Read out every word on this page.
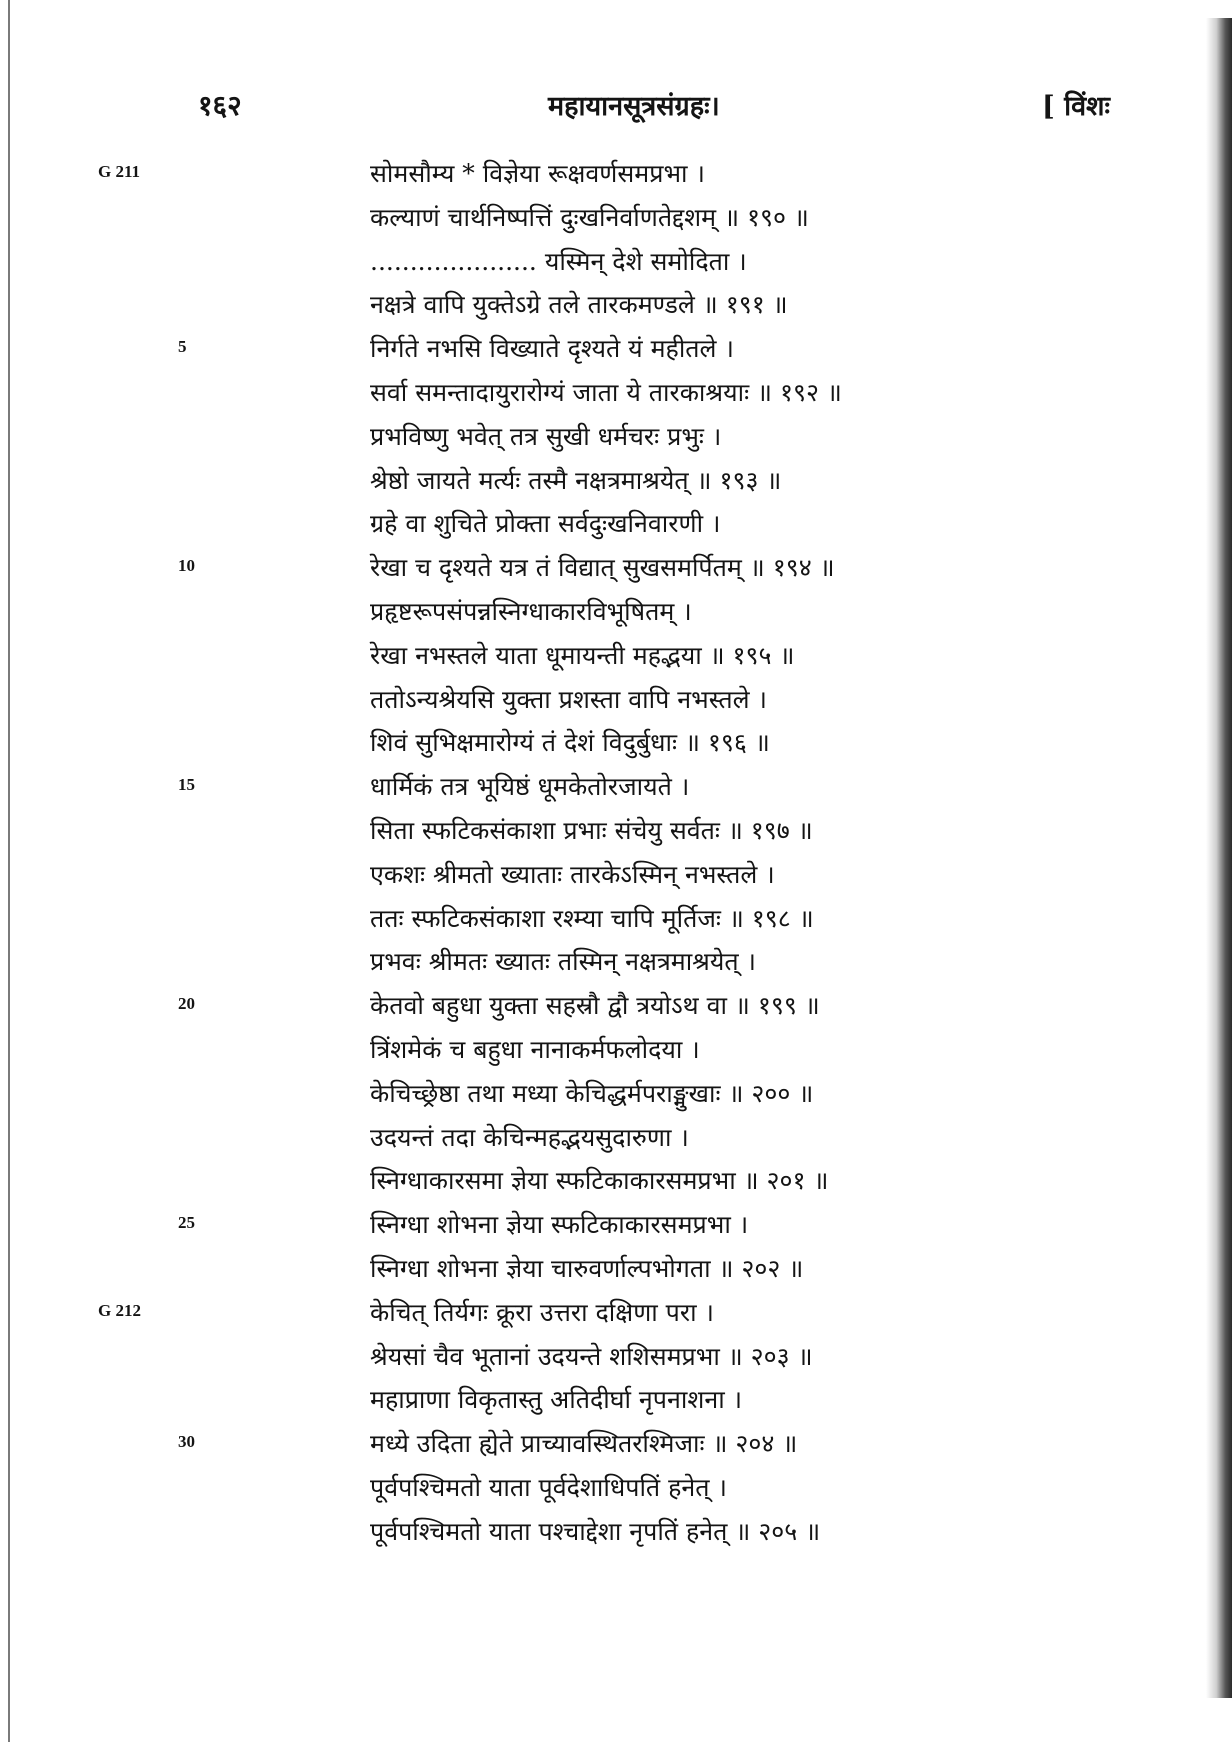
१६२	महायानसूत्रसंग्रहः।	[ विंशः
G 211	सोमसौम्य * विज्ञेया रूक्षवर्णसमप्रभा ।
कल्याणं चार्थनिष्पत्तिं दुःखनिर्वाणतेद्दशम् ॥ १९० ॥
..................... यस्मिन् देशे समोदिता ।
नक्षत्रे वापि युक्तेऽग्रे तले तारकमण्डले ॥ १९१ ॥
5	निर्गते नभसि विख्याते दृश्यते यं महीतले ।
सर्वा समन्तादायुरारोग्यं जाता ये तारकाश्रयाः ॥ १९२ ॥
प्रभविष्णु भवेत् तत्र सुखी धर्मचरः प्रभुः ।
श्रेष्ठो जायते मर्त्यः तस्मै नक्षत्रमाश्रयेत् ॥ १९३ ॥
ग्रहे वा शुचिते प्रोक्ता सर्वदुःखनिवारणी ।
10	रेखा च दृश्यते यत्र तं विद्यात् सुखसमर्पितम् ॥ १९४ ॥
प्रहृष्टरूपसंपन्नस्निग्धाकारविभूषितम् ।
रेखा नभस्तले याता धूमायन्ती महद्भया ॥ १९५ ॥
ततोऽन्यश्रेयसि युक्ता प्रशस्ता वापि नभस्तले ।
शिवं सुभिक्षमारोग्यं तं देशं विदुर्बुधाः ॥ १९६ ॥
15	धार्मिकं तत्र भूयिष्ठं धूमकेतोरजायते ।
सिता स्फटिकसंकाशा प्रभाः संचेयु सर्वतः ॥ १९७ ॥
एकशः श्रीमतो ख्याताः तारकेऽस्मिन् नभस्तले ।
ततः स्फटिकसंकाशा रश्म्या चापि मूर्तिजः ॥ १९८ ॥
प्रभवः श्रीमतः ख्यातः तस्मिन् नक्षत्रमाश्रयेत् ।
20	केतवो बहुधा युक्ता सहस्रौ द्वौ त्रयोऽथ वा ॥ १९९ ॥
त्रिंशमेकं च बहुधा नानाकर्मफलोदया ।
केचिच्छ्रेष्ठा तथा मध्या केचिद्धर्मपराङ्मुखाः ॥ २०० ॥
उदयन्तं तदा केचिन्महद्भयसुदारुणा ।
स्निग्धाकारसमा ज्ञेया स्फटिकाकारसमप्रभा ॥ २०१ ॥
25	स्निग्धा शोभना ज्ञेया स्फटिकाकारसमप्रभा ।
स्निग्धा शोभना ज्ञेया चारुवर्णाल्पभोगता ॥ २०२ ॥
G 212	केचित् तिर्यगः क्रूरा उत्तरा दक्षिणा परा ।
श्रेयसां चैव भूतानां उदयन्ते शशिसमप्रभा ॥ २०३ ॥
महाप्राणा विकृतास्तु अतिदीर्घा नृपनाशना ।
30	मध्ये उदिता ह्येते प्राच्यावस्थितरश्मिजाः ॥ २०४ ॥
पूर्वपश्चिमतो याता पूर्वदेशाधिपतिं हनेत् ।
पूर्वपश्चिमतो याता पश्चाद्देशा नृपतिं हनेत् ॥ २०५ ॥
